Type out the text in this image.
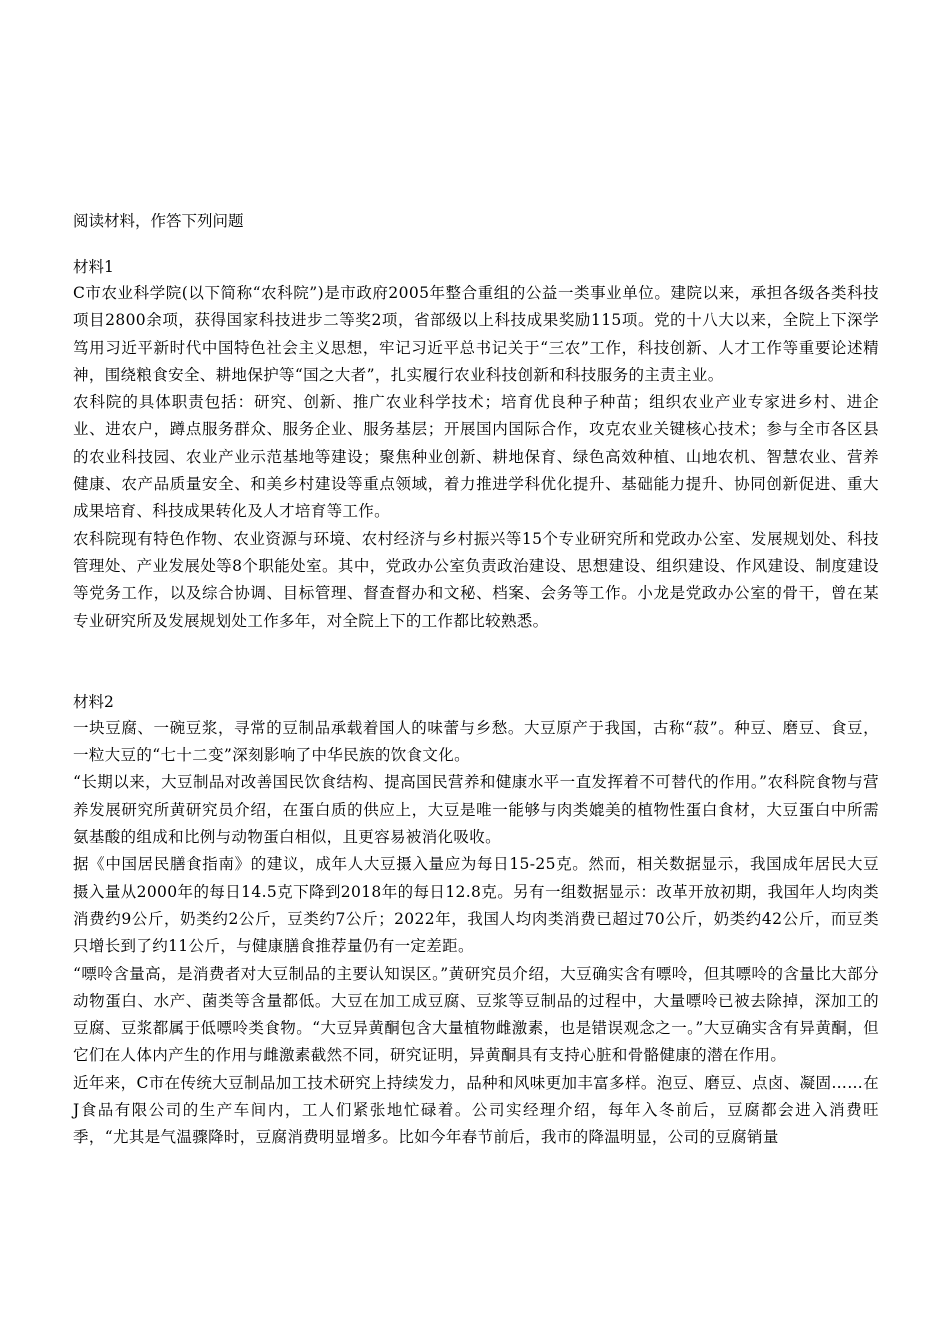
阅读材料，作答下列问题

材料1

C市农业科学院(以下简称“农科院”)是市政府2005年整合重组的公益一类事业单位。建院以来，承担各级各类科技项目2800余项，获得国家科技进步二等奖2项，省部级以上科技成果奖励115项。党的十八大以来，全院上下深学笃用习近平新时代中国特色社会主义思想，牢记习近平总书记关于“三农”工作，科技创新、人才工作等重要论述精神，围绕粮食安全、耕地保护等“国之大者”，扎实履行农业科技创新和科技服务的主责主业。

农科院的具体职责包括：研究、创新、推广农业科学技术；培育优良种子种苗；组织农业产业专家进乡村、进企业、进农户，蹲点服务群众、服务企业、服务基层；开展国内国际合作，攻克农业关键核心技术；参与全市各区县的农业科技园、农业产业示范基地等建设；聚焦种业创新、耕地保育、绿色高效种植、山地农机、智慧农业、营养健康、农产品质量安全、和美乡村建设等重点领域，着力推进学科优化提升、基础能力提升、协同创新促进、重大成果培育、科技成果转化及人才培育等工作。

农科院现有特色作物、农业资源与环境、农村经济与乡村振兴等15个专业研究所和党政办公室、发展规划处、科技管理处、产业发展处等8个职能处室。其中，党政办公室负责政治建设、思想建设、组织建设、作风建设、制度建设等党务工作，以及综合协调、目标管理、督查督办和文秘、档案、会务等工作。小龙是党政办公室的骨干，曾在某专业研究所及发展规划处工作多年，对全院上下的工作都比较熟悉。

材料2

一块豆腐、一碗豆浆，寻常的豆制品承载着国人的味蕾与乡愁。大豆原产于我国，古称“菽”。种豆、磨豆、食豆，一粒大豆的“七十二变”深刻影响了中华民族的饮食文化。

“长期以来，大豆制品对改善国民饮食结构、提高国民营养和健康水平一直发挥着不可替代的作用。”农科院食物与营养发展研究所黄研究员介绍，在蛋白质的供应上，大豆是唯一能够与肉类媲美的植物性蛋白食材，大豆蛋白中所需氨基酸的组成和比例与动物蛋白相似，且更容易被消化吸收。

据《中国居民膳食指南》的建议，成年人大豆摄入量应为每日15-25克。然而，相关数据显示，我国成年居民大豆摄入量从2000年的每日14.5克下降到2018年的每日12.8克。另有一组数据显示：改革开放初期，我国年人均肉类消费约9公斤，奶类约2公斤，豆类约7公斤；2022年，我国人均肉类消费已超过70公斤，奶类约42公斤，而豆类只增长到了约11公斤，与健康膳食推荐量仍有一定差距。

“嘌呤含量高，是消费者对大豆制品的主要认知误区。”黄研究员介绍，大豆确实含有嘌呤，但其嘌呤的含量比大部分动物蛋白、水产、菌类等含量都低。大豆在加工成豆腐、豆浆等豆制品的过程中，大量嘌呤已被去除掉，深加工的豆腐、豆浆都属于低嘌呤类食物。“大豆异黄酮包含大量植物雌激素，也是错误观念之一。”大豆确实含有异黄酮，但它们在人体内产生的作用与雌激素截然不同，研究证明，异黄酮具有支持心脏和骨骼健康的潜在作用。

近年来，C市在传统大豆制品加工技术研究上持续发力，品种和风味更加丰富多样。泡豆、磨豆、点卤、凝固……在J食品有限公司的生产车间内，工人们紧张地忙碌着。公司实经理介绍，每年入冬前后，豆腐都会进入消费旺季，“尤其是气温骤降时，豆腐消费明显增多。比如今年春节前后，我市的降温明显，公司的豆腐销量
